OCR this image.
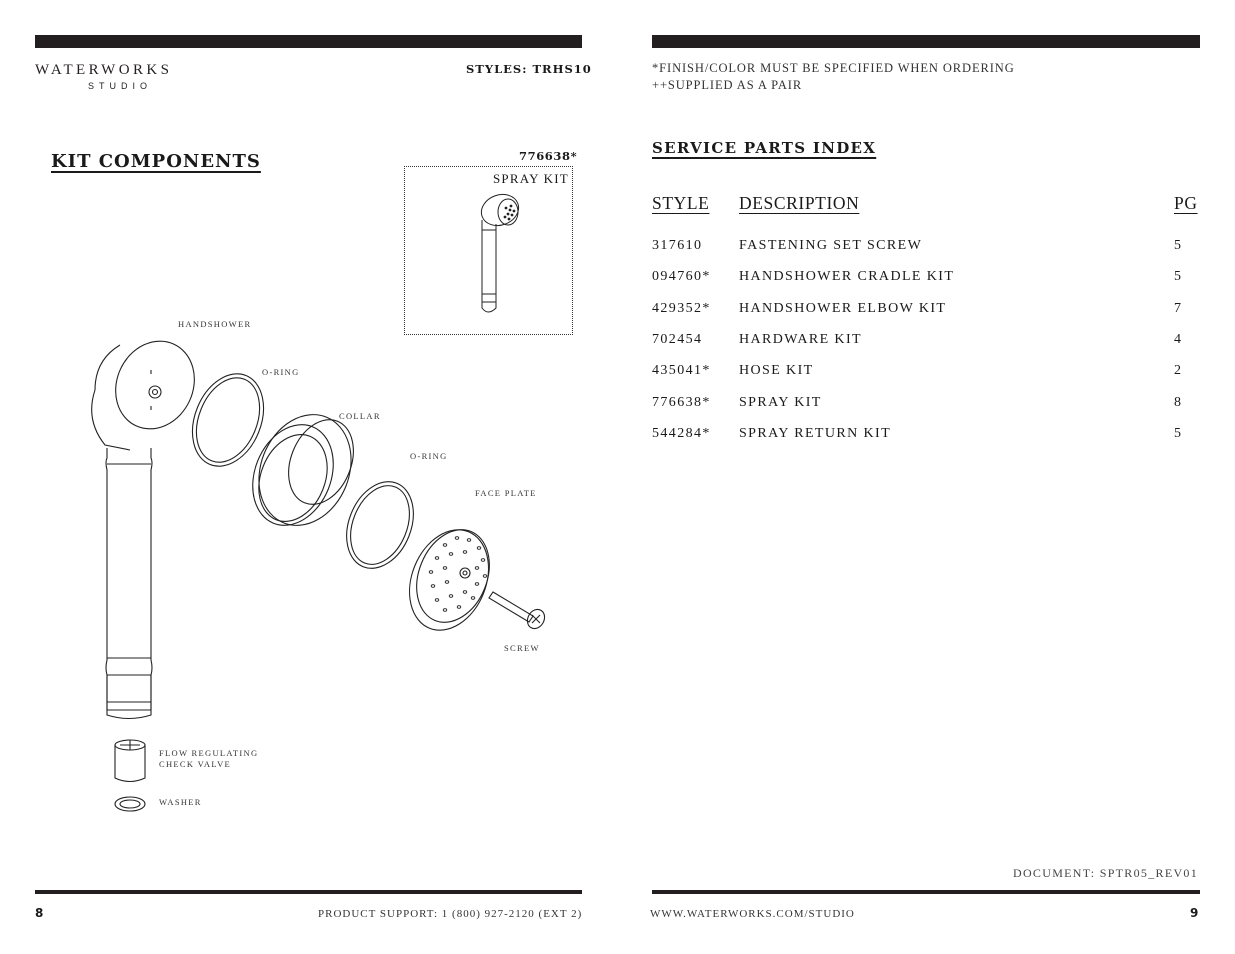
WATERWORKS
STUDIO
STYLES: TRHS10
KIT COMPONENTS	776638*
SPRAY KIT
HANDSHOWER
O-RING
COLLAR
O-RING
FACE PLATE
SCREW
FLOW REGULATING
CHECK VALVE
WASHER
8	PRODUCT SUPPORT: 1 (800) 927-2120 (EXT 2)
*FINISH/COLOR MUST BE SPECIFIED WHEN ORDERING
++SUPPLIED AS A PAIR
SERVICE PARTS INDEX
STYLE DESCRIPTION	PG
317610	FASTENING SET SCREW	5
094760* HANDSHOWER CRADLE KIT	5
429352* HANDSHOWER ELBOW KIT	7
702454	HARDWARE KIT	4
435041* HOSE KIT	2
776638* SPRAY KIT	8
544284* SPRAY RETURN KIT	5
DOCUMENT: SPTR05_REV01
WWW.WATERWORKS.COM/STUDIO	9
